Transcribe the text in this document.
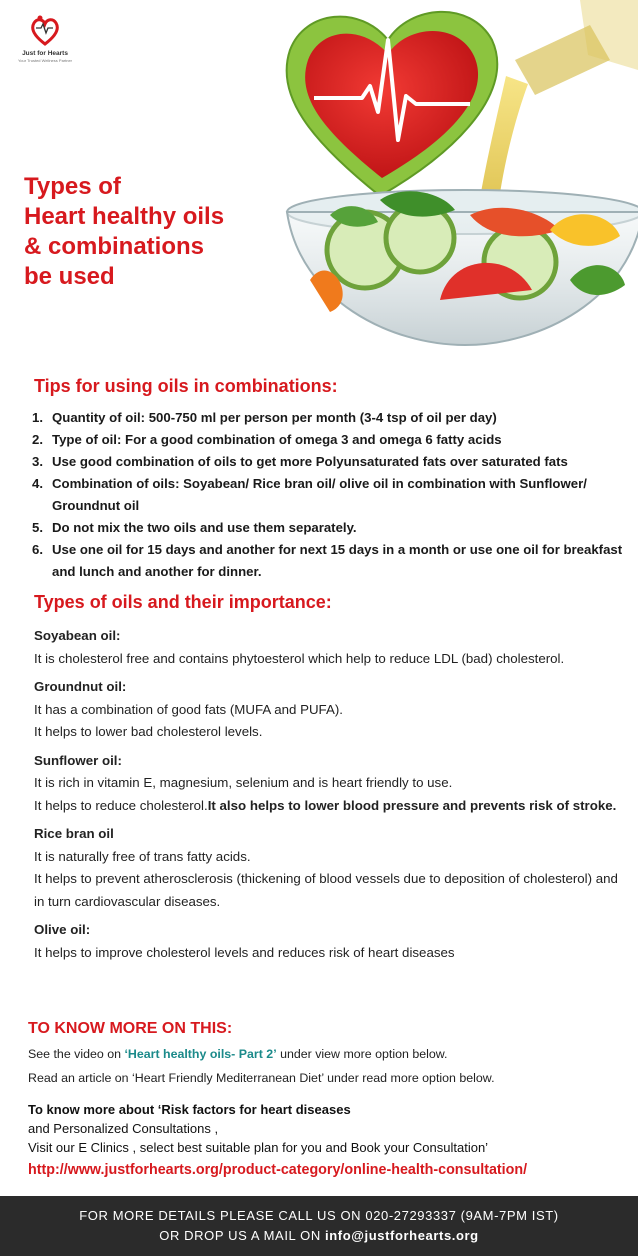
Just for Hearts
Your Trusted Wellness Partner
Types of
Heart healthy oils
& combinations
be used
Tips for using oils in combinations:
1. Quantity of oil: 500-750 ml per person per month (3-4 tsp of oil per day)
2. Type of oil: For a good combination of omega 3 and omega 6 fatty acids
3. Use good combination of oils to get more Polyunsaturated fats over saturated fats
4. Combination of oils: Soyabean/ Rice bran oil/ olive oil in combination with Sunflower/ Groundnut oil
5. Do not mix the two oils and use them separately.
6. Use one oil for 15 days and another for next 15 days in a month or use one oil for breakfast and lunch and another for dinner.
Types of oils and their importance:
Soyabean oil:
It is cholesterol free and contains phytoesterol which help to reduce LDL (bad) cholesterol.
Groundnut oil:
It has a combination of good fats (MUFA and PUFA).
It helps to lower bad cholesterol levels.
Sunflower oil:
It is rich in vitamin E, magnesium, selenium and is heart friendly to use.
It helps to reduce cholesterol.It also helps to lower blood pressure and prevents risk of stroke.
Rice bran oil
It is naturally free of trans fatty acids.
It helps to prevent atherosclerosis (thickening of blood vessels due to deposition of cholesterol) and in turn cardiovascular diseases.
Olive oil:
It helps to improve cholesterol levels and reduces risk of heart diseases
TO KNOW MORE ON THIS:
See the video on ‘Heart healthy oils- Part 2’ under view more option below.
Read an article on ‘Heart Friendly Mediterranean Diet’ under read more option below.
To know more about ‘Risk factors for heart diseases
and Personalized Consultations ,
Visit our E Clinics , select best suitable plan for you and Book your Consultation’
http://www.justforhearts.org/product-category/online-health-consultation/
FOR MORE DETAILS PLEASE CALL US ON 020-27293337 (9AM-7PM IST)
OR DROP US A MAIL ON info@justforhearts.org
